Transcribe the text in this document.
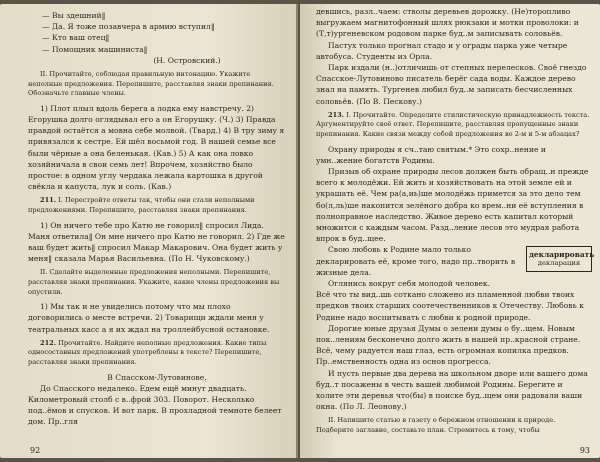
— Вы здешний‖

— Да. Я тоже позавчера в армию вступил‖

— Кто ваш отец‖

— Помощник машиниста‖

(Н. Островский.)

II. Прочитайте, соблюдая правильную интонацию. Укажите неполные предложения. Перепишите, расставляя знаки препинания. Обозначьте главные члены.

1) Плот плыл вдоль берега а лодка ему навстречу. 2) Егорушка долго оглядывал его а он Егорушку. (Ч.) 3) Правда правдой остаётся а мовна себе молвой. (Твард.) 4) В тру зиму я привязался к сестре. Ей шёл восьмой год. В нашей семье все были чёрные а она беленькая. (Кав.) 5) А как она ловко хозяйничала в свои семь лет! Впрочем, хозяйство было простое: в одном углу чердака лежала картошка в другой свёкла и капуста, лук и соль. (Кав.)

211. I. Перестройте ответы так, чтобы они стали неполными предложениями. Перепишите, расставляя знаки препинания.

1) Он ничего тебе про Катю не говорил‖ спросил Лида. Маня ответила‖ Он мне ничего про Катю не говорил. 2) Где же ваш будет жить‖ спросил Макар Макарович. Она будет жить у меня‖ сказала Марья Васильевна. (По Н. Чуковскому.)

II. Сделайте выделенные предложения неполными. Перепишите, расставляя знаки препинания. Укажите, какие члены предложения вы опустили.

1) Мы так и не увиделись потому что мы плохо договорились о месте встречи. 2) Товарищи ждали меня у театральных касс а я их ждал на троллейбусной остановке.

212. Прочитайте. Найдите неполные предложения. Какие типы односоставных предложений употреблены в тексте? Перепишите, расставляя знаки препинания.

В Спасском-Лутовинове.

До Спасского недалеко. Едем ещё минут двадцать. Километровый столб с в..фрой 303. Поворот. Несколько под..ёмов и спусков. И вот парк. В прохладной темноте белеет дом. Пр..гля

92

девшись, разл..чаем: стволы деревьев дорожку. (Не)торопливо выгружаем магнитофонный шлях рюкзаки и мотки проволоки: и (Т,т)ургеневском родовом парке буд..м записывать соловьёв.

Пастух только прогнал стадо и у ограды парка уже четыре автобуса. Студенты из Орла.

Парк издали (н..)отличишь от степных перелесков. Своё гнездо Спасское-Лутовиново писатель берёг сада воды. Каждое дерево знал на память. Тургенев любил буд..м записать бесчисленных соловьёв. (По В. Пескову.)

213. I. Прочитайте. Определите стилистическую принадлежность текста. Аргументируйте своё ответ. Перепишите, расставляя пропущенные знаки препинания. Какие связи между собой предложения во 2-м и 5-м абзацах?

Охрану природы я сч..таю святым.* Это сохр..нение и умн..жение богатств Родины.

Призыв об охране природы лесов должен быть обращ..н прежде всего к молодёжи. Ей жить и хозяйствовать на этой земле ей и украшать её. Чем ра(а,иь)ше молодёжь примется за это дело тем бо(л,ль)ше накопится зелёного добра ко врем..ни её вступления в полноправное наследство. Живое дерево есть капитал который множится с каждым часом. Разд..ление лесов это мудрая работа впрок в буд..щее.

декларировать
декларация

Свою любовь к Родине мало только декларировать её, кроме того, надо пр..творить в жизные дела.

Оглянись вокруг себя молодой человек.

Всё что ты вид..шь соткано сложено из пламенной любви твоих предков твоих старших соотечественников к Отечеству. Любовь к Родине надо воспитывать с любви к родной природе.

Дорогие юные друзья Думы о зелени думы о бу..щем. Новым пок..лениям бесконечно долго жить в нашей пр..красной стране. Всё, чему радуется наш глаз, есть огромная копилка предков. Пр..емственность одна из основ прогресса.

И пусть первые два дерева на школьном дворе или вашего дома буд..т посажены в честь вашей любимой Родины. Берегите и холите эти деревья что(бы) в поиске буд..щем они радовали ваши окна. (По Л. Леонову.)

II. Напишите статью в газету о бережном отношении к природе. Подберите заглавие, составьте план. Стремитесь к тому, чтобы

93
